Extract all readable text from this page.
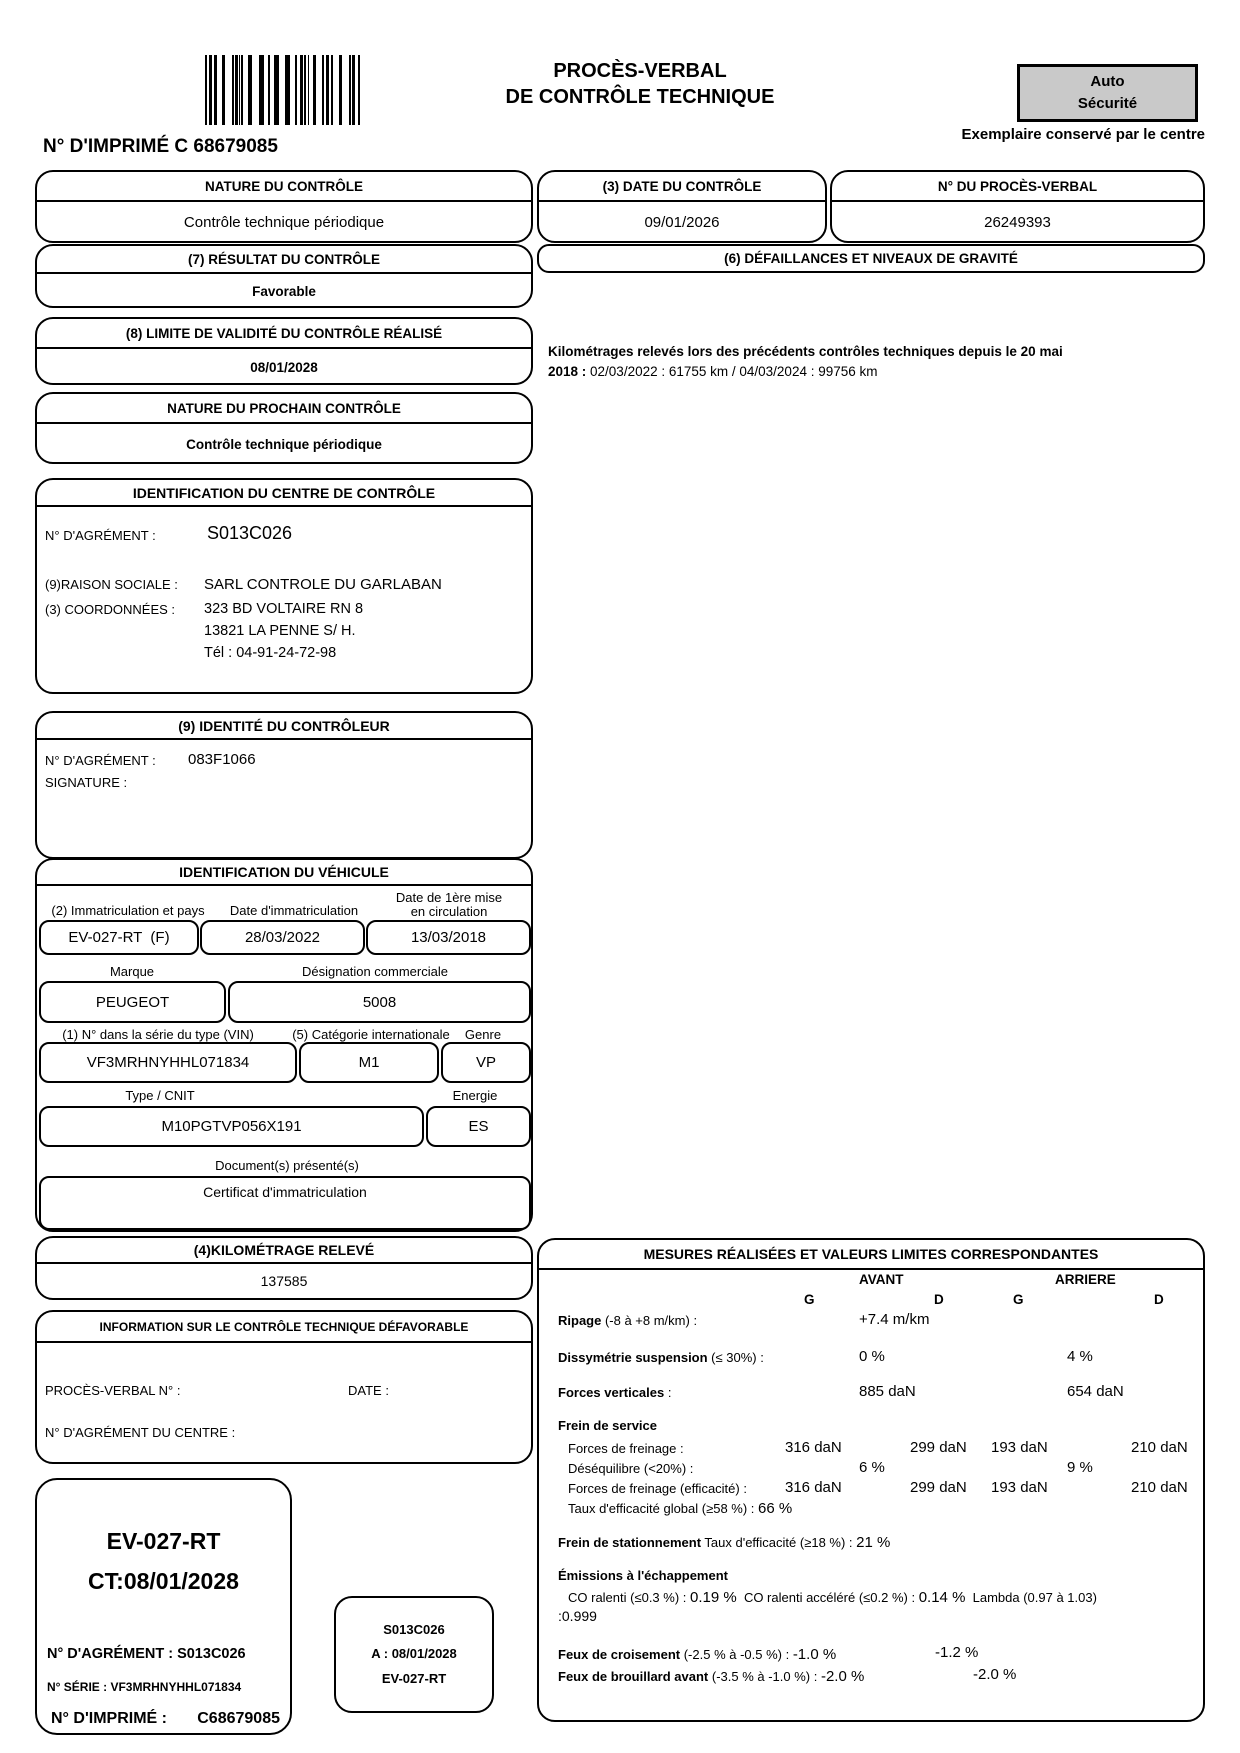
N° D'IMPRIMÉ C 68679085
PROCÈS-VERBAL
DE CONTRÔLE TECHNIQUE
Auto
Sécurité
Exemplaire conservé par le centre
NATURE DU CONTRÔLE
Contrôle technique périodique
(3) DATE DU CONTRÔLE
09/01/2026
N° DU PROCÈS-VERBAL
26249393
(7) RÉSULTAT DU CONTRÔLE
Favorable
(6) DÉFAILLANCES ET NIVEAUX DE GRAVITÉ
Kilométrages relevés lors des précédents contrôles techniques depuis le 20 mai
2018 : 02/03/2022 : 61755 km / 04/03/2024 : 99756 km
(8) LIMITE DE VALIDITÉ DU CONTRÔLE RÉALISÉ
08/01/2028
NATURE DU PROCHAIN CONTRÔLE
Contrôle technique périodique
IDENTIFICATION DU CENTRE DE CONTRÔLE
N° D'AGRÉMENT :	S013C026
(9)RAISON SOCIALE : SARL CONTROLE DU GARLABAN
(3) COORDONNÉES : 323 BD VOLTAIRE RN 8
13821 LA PENNE S/ H.
Tél : 04-91-24-72-98
(9) IDENTITÉ DU CONTRÔLEUR
N° D'AGRÉMENT : 083F1066
SIGNATURE :
IDENTIFICATION DU VÉHICULE
(2) Immatriculation et pays Date d'immatriculation
Date de 1ère mise
en circulation
EV-027-RT  (F)	28/03/2022	13/03/2018
Marque	Désignation commerciale
PEUGEOT	5008
(1) N° dans la série du type (VIN)	(5) Catégorie internationale Genre
VF3MRHNYHHL071834	M1	VP
Type / CNIT	Energie
M10PGTVP056X191	ES
Document(s) présenté(s)
Certificat d'immatriculation
(4)KILOMÉTRAGE RELEVÉ
137585
INFORMATION SUR LE CONTRÔLE TECHNIQUE DÉFAVORABLE
PROCÈS-VERBAL N° :	DATE :
N° D'AGRÉMENT DU CENTRE :
EV-027-RT
CT:08/01/2028
N° D'AGRÉMENT : S013C026
N° SÉRIE : VF3MRHNYHHL071834
N° D'IMPRIMÉ : C68679085
S013C026
A : 08/01/2028
EV-027-RT
MESURES RÉALISÉES ET VALEURS LIMITES CORRESPONDANTES
AVANT	ARRIERE
G	D	G	D
Ripage (-8 à +8 m/km) :	+7.4 m/km
Dissymétrie suspension (≤ 30%) :	0 %	4 %
Forces verticales :	885 daN	654 daN
Frein de service
Forces de freinage :	316 daN	299 daN 193 daN	210 daN
Déséquilibre (<20%) :	6 %	9 %
Forces de freinage (efficacité) :	316 daN	299 daN 193 daN	210 daN
Taux d'efficacité global (≥58 %) : 66 %
Frein de stationnement Taux d'efficacité (≥18 %) : 21 %
Émissions à l'échappement
CO ralenti (≤0.3 %) : 0.19 %  CO ralenti accéléré (≤0.2 %) : 0.14 %  Lambda (0.97 à 1.03)
:0.999
Feux de croisement (-2.5 % à -0.5 %) : -1.0 %	-1.2 %
Feux de brouillard avant (-3.5 % à -1.0 %) : -2.0 %	-2.0 %
